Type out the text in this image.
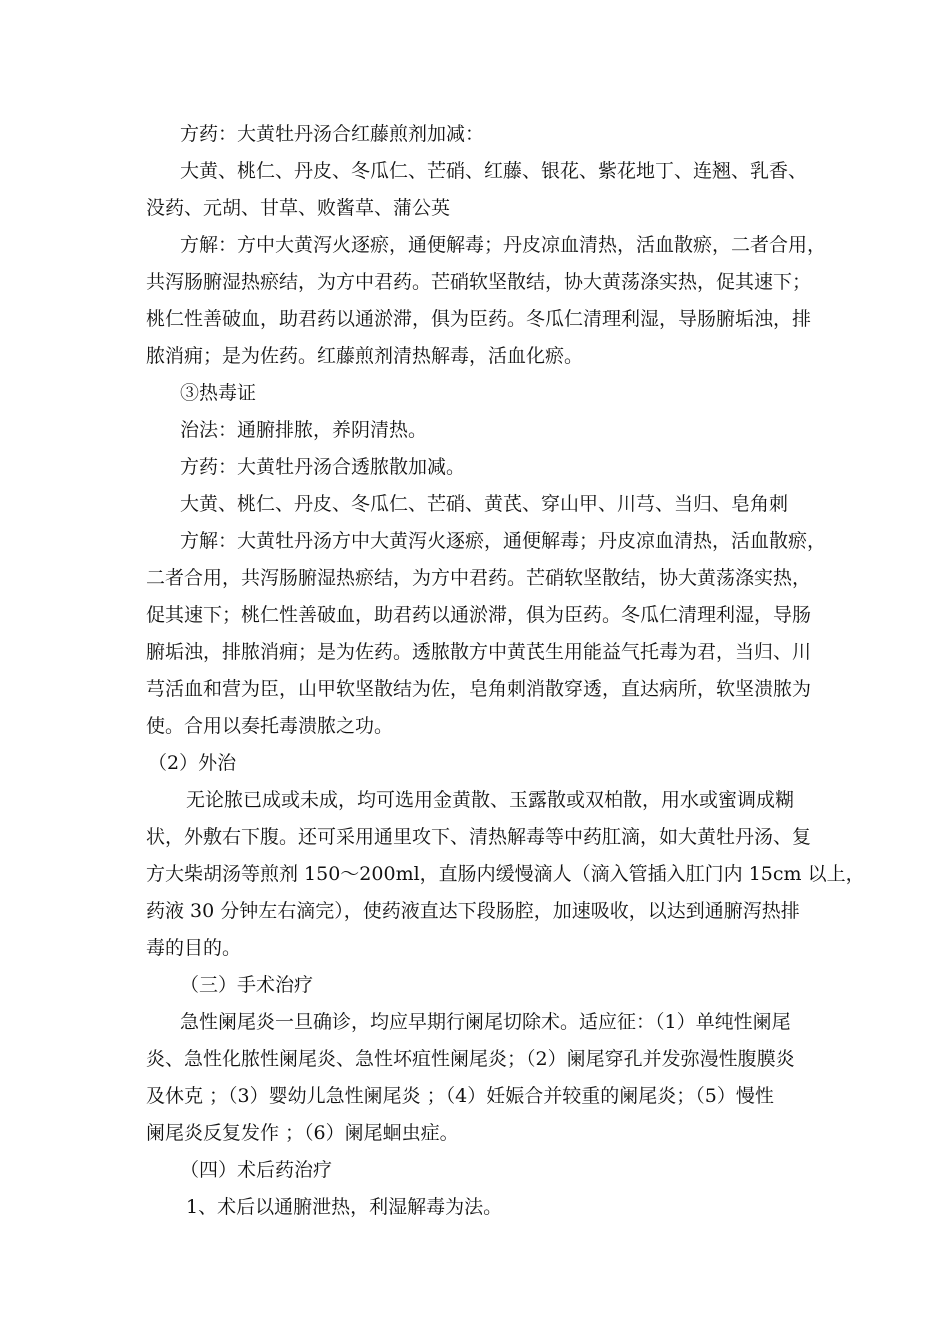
方药：大黄牡丹汤合红藤煎剂加减：
大黄、桃仁、丹皮、冬瓜仁、芒硝、红藤、银花、紫花地丁、连翘、乳香、
没药、元胡、甘草、败酱草、蒲公英
方解：方中大黄泻火逐瘀，通便解毒；丹皮凉血清热，活血散瘀，二者合用，
共泻肠腑湿热瘀结，为方中君药。芒硝软坚散结，协大黄荡涤实热，促其速下；
桃仁性善破血，助君药以通淤滞，俱为臣药。冬瓜仁清理利湿，导肠腑垢浊，排
脓消痈；是为佐药。红藤煎剂清热解毒，活血化瘀。
③热毒证
治法：通腑排脓，养阴清热。
方药：大黄牡丹汤合透脓散加减。
大黄、桃仁、丹皮、冬瓜仁、芒硝、黄芪、穿山甲、川芎、当归、皂角刺
方解：大黄牡丹汤方中大黄泻火逐瘀，通便解毒；丹皮凉血清热，活血散瘀，
二者合用，共泻肠腑湿热瘀结，为方中君药。芒硝软坚散结，协大黄荡涤实热，
促其速下；桃仁性善破血，助君药以通淤滞，俱为臣药。冬瓜仁清理利湿，导肠
腑垢浊，排脓消痈；是为佐药。透脓散方中黄芪生用能益气托毒为君，当归、川
芎活血和营为臣，山甲软坚散结为佐，皂角刺消散穿透，直达病所，软坚溃脓为
使。合用以奏托毒溃脓之功。
（2）外治
无论脓已成或未成，均可选用金黄散、玉露散或双柏散，用水或蜜调成糊
状，外敷右下腹。还可采用通里攻下、清热解毒等中药肛滴，如大黄牡丹汤、复
方大柴胡汤等煎剂 150～200ml，直肠内缓慢滴人（滴入管插入肛门内 15cm 以上，
药液 30 分钟左右滴完），使药液直达下段肠腔，加速吸收，以达到通腑泻热排
毒的目的。
（三）手术治疗
急性阑尾炎一旦确诊，均应早期行阑尾切除术。适应征：（1）单纯性阑尾
炎、急性化脓性阑尾炎、急性坏疽性阑尾炎；（2）阑尾穿孔并发弥漫性腹膜炎
及休克 ；（3）婴幼儿急性阑尾炎 ；（4）妊娠合并较重的阑尾炎；（5）慢性
阑尾炎反复发作 ；（6）阑尾蛔虫症。
（四）术后药治疗
1、术后以通腑泄热，利湿解毒为法。
